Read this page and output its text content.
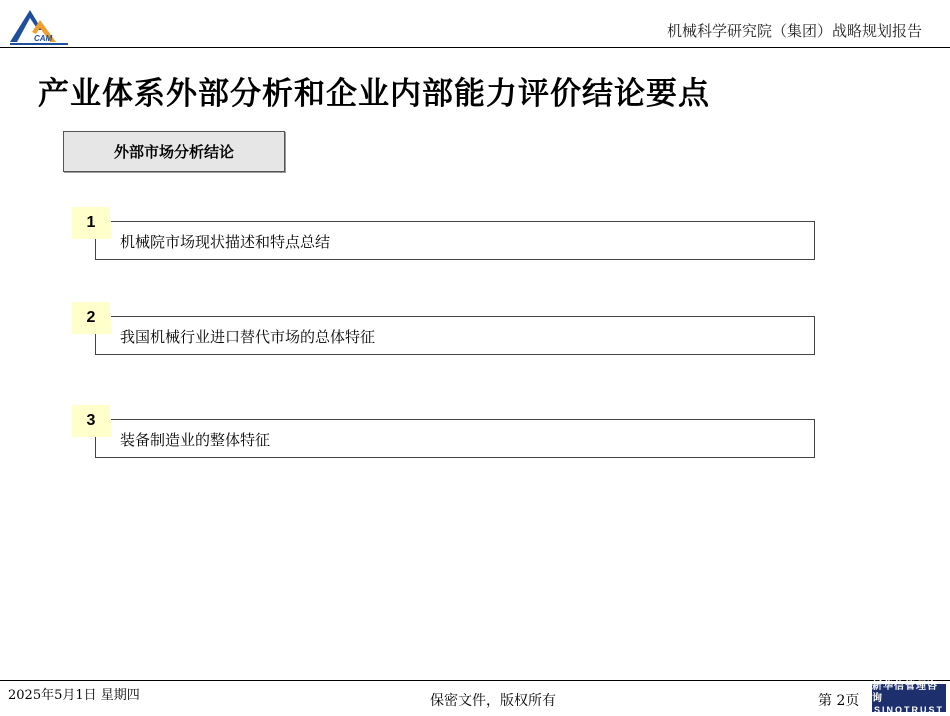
CAM	机械科学研究院（集团）战略规划报告
产业体系外部分析和企业内部能力评价结论要点
外部市场分析结论
1
机械院市场现状描述和特点总结
2
我国机械行业进口替代市场的总体特征
3
装备制造业的整体特征
2025年5月1日 星期四	保密文件，版权所有	第 2页
新华信管理咨询
SINOTRUST
